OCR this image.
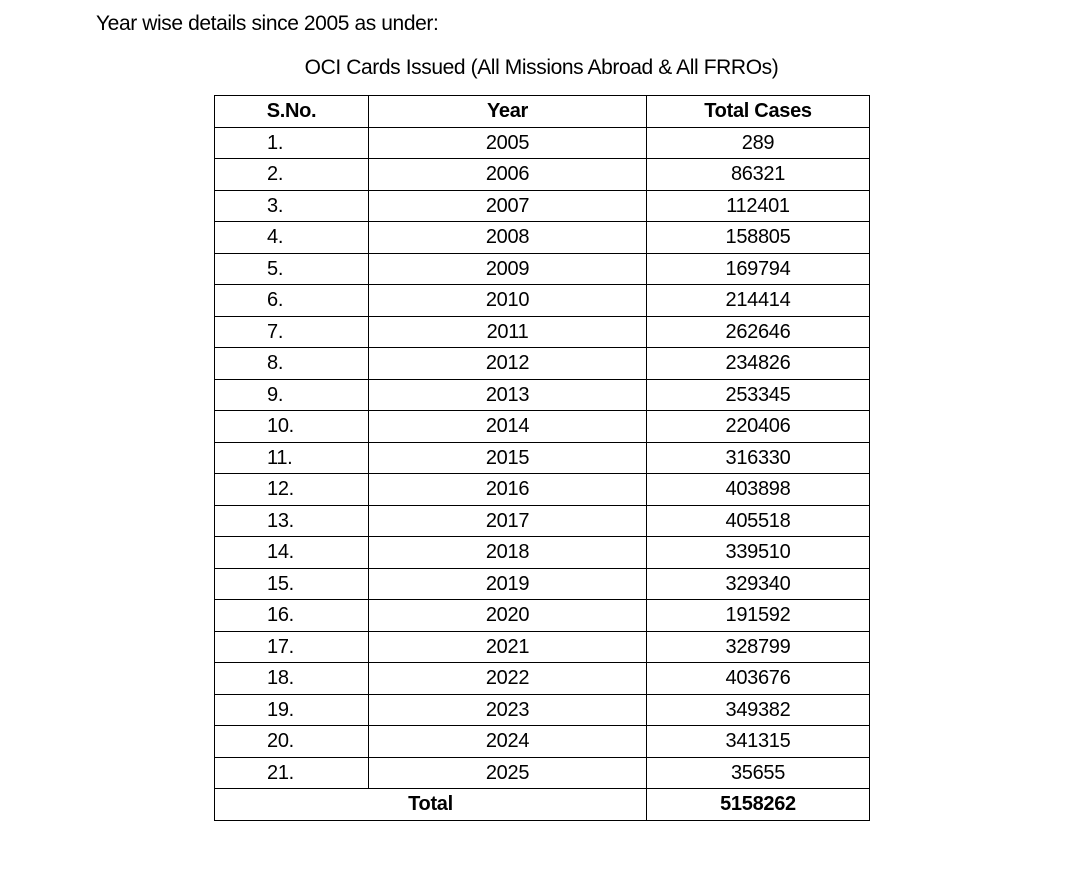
Year wise details since 2005 as under:
OCI Cards Issued (All Missions Abroad & All FRROs)
S.No.	Year	Total Cases
1.	2005	289
2.	2006	86321
3.	2007	112401
4.	2008	158805
5.	2009	169794
6.	2010	214414
7.	2011	262646
8.	2012	234826
9.	2013	253345
10.	2014	220406
11.	2015	316330
12.	2016	403898
13.	2017	405518
14.	2018	339510
15.	2019	329340
16.	2020	191592
17.	2021	328799
18.	2022	403676
19.	2023	349382
20.	2024	341315
21.	2025	35655
Total		5158262
